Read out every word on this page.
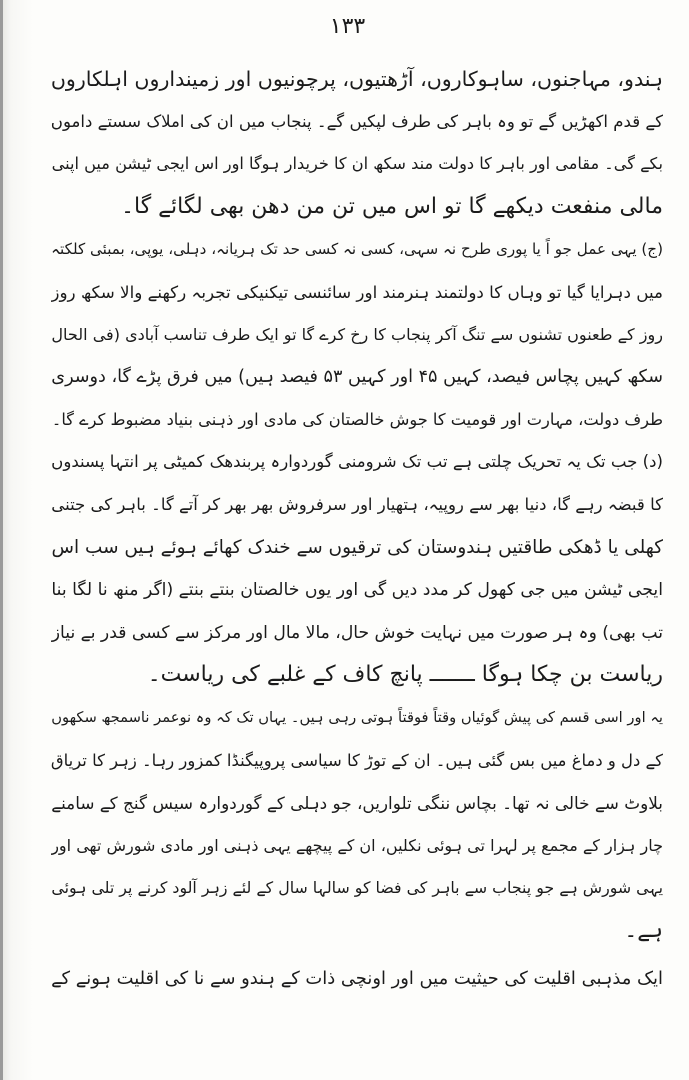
١٣٣
ہندو، مہاجنوں، ساہوکاروں، آڑھتیوں، پرچونیوں اور زمینداروں اہلکاروں
کے قدم اکھڑیں گے تو وہ باہر کی طرف لپکیں گے۔ پنجاب میں ان کی املاک سستے داموں
بکے گی۔ مقامی اور باہر کا دولت مند سکھ ان کا خریدار ہوگا اور اس ایجی ٹیشن میں اپنی
مالی منفعت دیکھے گا تو اس میں تن من دھن بھی لگائے گا۔
(ج) یہی عمل جو اً یا پوری طرح نہ سہی، کسی نہ کسی حد تک ہریانہ، دہلی، یوپی، بمبئی کلکتہ
میں دہرایا گیا تو وہاں کا دولتمند ہنرمند اور سائنسی تیکنیکی تجربہ رکھنے والا سکھ روز
روز کے طعنوں تشنوں سے تنگ آکر پنجاب کا رخ کرے گا تو ایک طرف تناسب آبادی (فی الحال
سکھ کہیں پچاس فیصد، کہیں ۴۵ اور کہیں ۵۳ فیصد ہیں) میں فرق پڑے گا، دوسری
طرف دولت، مہارت اور قومیت کا جوش خالصتان کی مادی اور ذہنی بنیاد مضبوط کرے گا۔
(د) جب تک یہ تحریک چلتی ہے تب تک شرومنی گوردوارہ پربندھک کمیٹی پر انتہا پسندوں
کا قبضہ رہے گا، دنیا بھر سے روپیہ، ہتھیار اور سرفروش بھر بھر کر آتے گا۔ باہر کی جتنی
کھلی یا ڈھکی طاقتیں ہندوستان کی ترقیوں سے خندک کھائے ہوئے ہیں سب اس
ایجی ٹیشن میں جی کھول کر مدد دیں گی اور یوں خالصتان بنتے بنتے (اگر منھ نا لگا بنا
تب بھی) وہ ہر صورت میں نہایت خوش حال، مالا مال اور مرکز سے کسی قدر بے نیاز
ریاست بن چکا ہوگا ـــــــ پانچ کاف کے غلبے کی ریاست۔
یہ اور اسی قسم کی پیش گوئیاں وقتاً فوقتاً ہوتی رہی ہیں۔ یہاں تک کہ وہ نوعمر ناسمجھ سکھوں
کے دل و دماغ میں بس گئی ہیں۔ ان کے توڑ کا سیاسی پروپیگنڈا کمزور رہا۔ زہر کا تریاق
بلاوٹ سے خالی نہ تھا۔ بچاس ننگی تلواریں، جو دہلی کے گوردوارہ سیس گنج کے سامنے
چار ہزار کے مجمع پر لہرا تی ہوئی نکلیں، ان کے پیچھے یہی ذہنی اور مادی شورش تھی اور
یہی شورش ہے جو پنجاب سے باہر کی فضا کو سالہا سال کے لئے زہر آلود کرنے پر تلی ہوئی
ہے۔
ایک مذہبی اقلیت کی حیثیت میں اور اونچی ذات کے ہندو سے نا کی اقلیت ہونے کے
